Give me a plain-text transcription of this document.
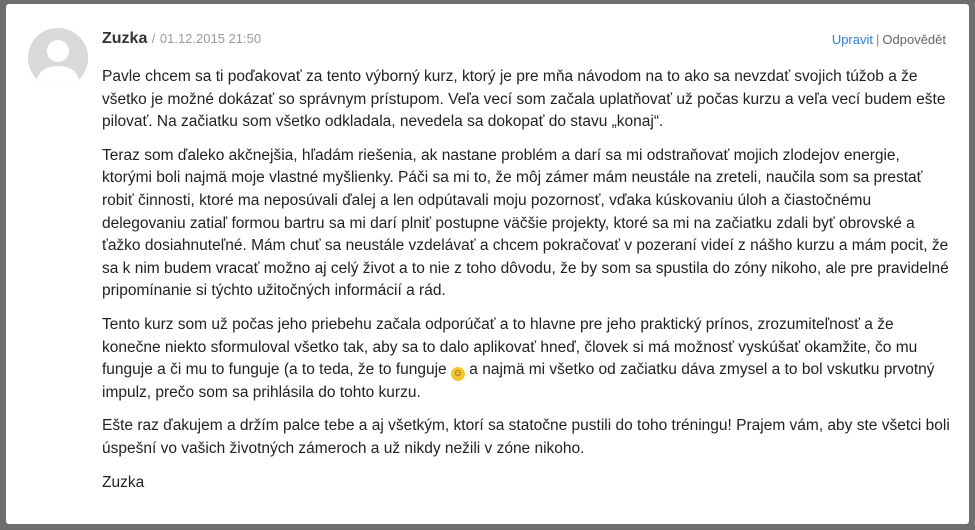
Zuzka / 01.12.2015 21:50	Upravit | Odpovědět

Pavle chcem sa ti poďakovať za tento výborný kurz, ktorý je pre mňa návodom na to ako sa nevzdať svojich túžob a že všetko je možné dokázať so správnym prístupom. Veľa vecí som začala uplatňovať už počas kurzu a veľa vecí budem ešte pilovať. Na začiatku som všetko odkladala, nevedela sa dokopať do stavu „konaj“.

Teraz som ďaleko akčnejšia, hľadám riešenia, ak nastane problém a darí sa mi odstraňovať mojich zlodejov energie, ktorými boli najmä moje vlastné myšlienky. Páči sa mi to, že môj zámer mám neustále na zreteli, naučila som sa prestať robiť činnosti, ktoré ma neposúvali ďalej a len odpútavali moju pozornosť, vďaka kúskovaniu úloh a čiastočnému delegovaniu zatiaľ formou bartru sa mi darí plniť postupne väčšie projekty, ktoré sa mi na začiatku zdali byť obrovské a ťažko dosiahnuteľné. Mám chuť sa neustále vzdelávať a chcem pokračovať v pozeraní videí z nášho kurzu a mám pocit, že sa k nim budem vracať možno aj celý život a to nie z toho dôvodu, že by som sa spustila do zóny nikoho, ale pre pravidelné pripomínanie si týchto užitočných informácií a rád.

Tento kurz som už počas jeho priebehu začala odporúčať a to hlavne pre jeho praktický prínos, zrozumiteľnosť a že konečne niekto sformuloval všetko tak, aby sa to dalo aplikovať hneď, človek si má možnosť vyskúšať okamžite, čo mu funguje a či mu to funguje (a to teda, že to funguje ☺ a najmä mi všetko od začiatku dáva zmysel a to bol vskutku prvotný impulz, prečo som sa prihlásila do tohto kurzu.

Ešte raz ďakujem a držím palce tebe a aj všetkým, ktorí sa statočne pustili do toho tréningu! Prajem vám, aby ste všetci boli úspešní vo vašich životných zámeroch a už nikdy nežili v zóne nikoho.

Zuzka
